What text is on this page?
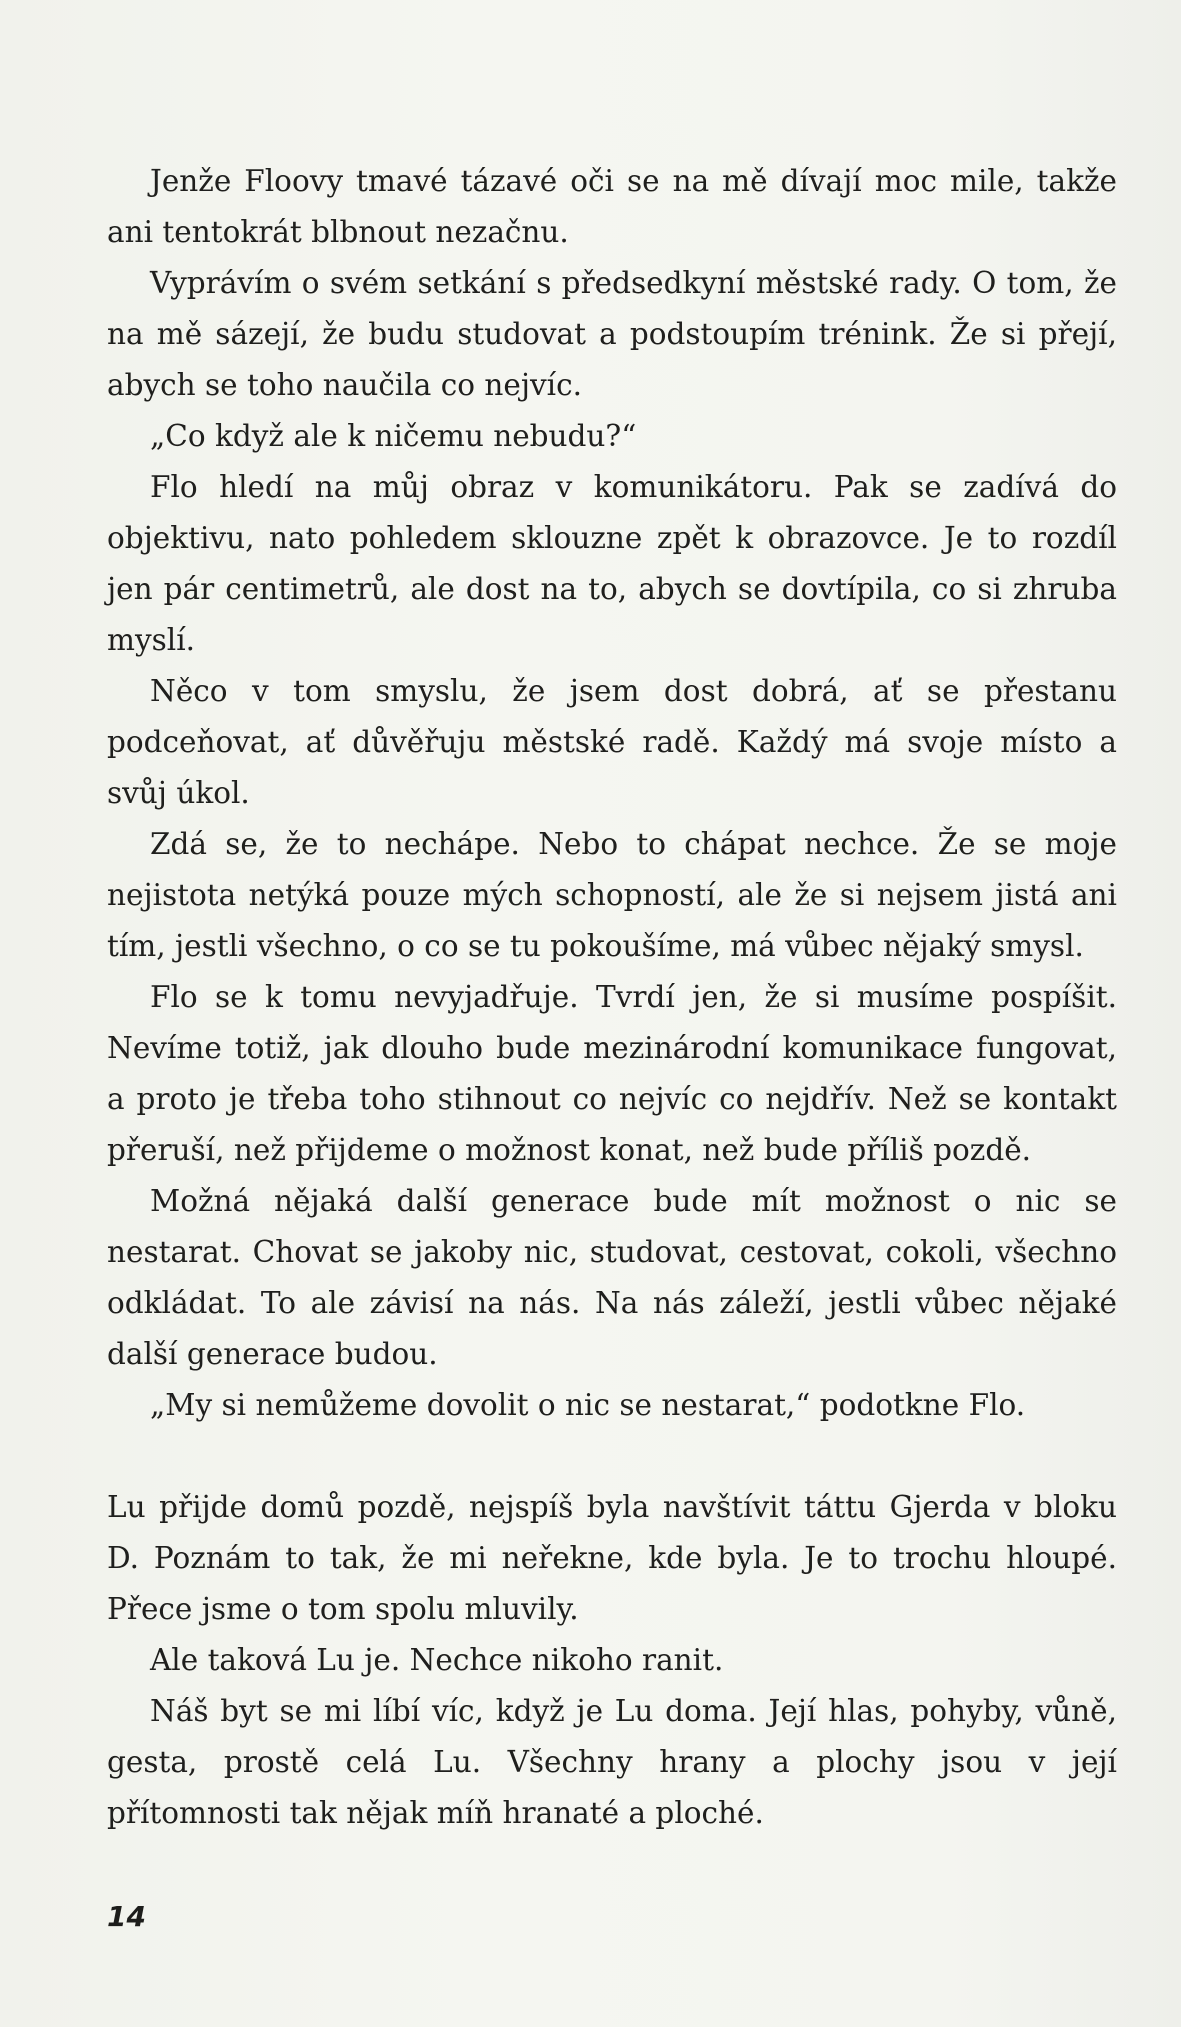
Jenže Floovy tmavé tázavé oči se na mě dívají moc mile, takže ani tentokrát blbnout nezačnu.

Vyprávím o svém setkání s předsedkyní městské rady. O tom, že na mě sázejí, že budu studovat a podstoupím trénink. Že si přejí, abych se toho naučila co nejvíc.

„Co když ale k ničemu nebudu?“

Flo hledí na můj obraz v komunikátoru. Pak se zadívá do objektivu, nato pohledem sklouzne zpět k obrazovce. Je to rozdíl jen pár centimetrů, ale dost na to, abych se dovtípila, co si zhruba myslí.

Něco v tom smyslu, že jsem dost dobrá, ať se přestanu podceňovat, ať důvěřuju městské radě. Každý má svoje místo a svůj úkol.

Zdá se, že to nechápe. Nebo to chápat nechce. Že se moje nejistota netýká pouze mých schopností, ale že si nejsem jistá ani tím, jestli všechno, o co se tu pokoušíme, má vůbec nějaký smysl.

Flo se k tomu nevyjadřuje. Tvrdí jen, že si musíme pospíšit. Nevíme totiž, jak dlouho bude mezinárodní komunikace fungovat, a proto je třeba toho stihnout co nejvíc co nejdřív. Než se kontakt přeruší, než přijdeme o možnost konat, než bude příliš pozdě.

Možná nějaká další generace bude mít možnost o nic se nestarat. Chovat se jakoby nic, studovat, cestovat, cokoli, všechno odkládat. To ale závisí na nás. Na nás záleží, jestli vůbec nějaké další generace budou.

„My si nemůžeme dovolit o nic se nestarat,“ podotkne Flo.

Lu přijde domů pozdě, nejspíš byla navštívit táttu Gjerda v bloku D. Poznám to tak, že mi neřekne, kde byla. Je to trochu hloupé. Přece jsme o tom spolu mluvily.

Ale taková Lu je. Nechce nikoho ranit.

Náš byt se mi líbí víc, když je Lu doma. Její hlas, pohyby, vůně, gesta, prostě celá Lu. Všechny hrany a plochy jsou v její přítomnosti tak nějak míň hranaté a ploché.

14
